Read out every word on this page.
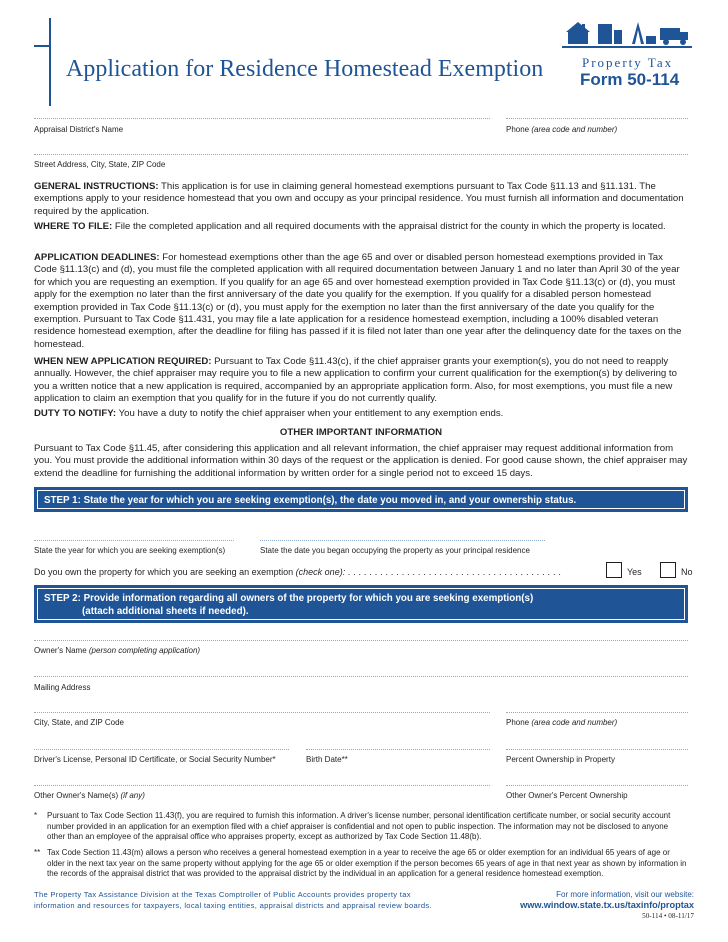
Application for Residence Homestead Exemption	Property Tax
Form 50-114
Appraisal District's Name	Phone (area code and number)
Street Address, City, State, ZIP Code
GENERAL INSTRUCTIONS: This application is for use in claiming general homestead exemptions pursuant to Tax Code §11.13 and §11.131. The exemptions apply to your residence homestead that you own and occupy as your principal residence. You must furnish all information and documentation required by the application.
WHERE TO FILE: File the completed application and all required documents with the appraisal district for the county in which the property is located.
APPLICATION DEADLINES: For homestead exemptions other than the age 65 and over or disabled person homestead exemptions provided in Tax Code §11.13(c) and (d), you must file the completed application with all required documentation between January 1 and no later than April 30 of the year for which you are requesting an exemption. If you qualify for an age 65 and over homestead exemption provided in Tax Code §11.13(c) or (d), you must apply for the exemption no later than the first anniversary of the date you qualify for the exemption. If you qualify for a disabled person homestead exemption provided in Tax Code §11.13(c) or (d), you must apply for the exemption no later than the first anniversary of the date you qualify for the exemption. Pursuant to Tax Code §11.431, you may file a late application for a residence homestead exemption, including a 100% disabled veteran residence homestead exemption, after the deadline for filing has passed if it is filed not later than one year after the delinquency date for the taxes on the homestead.
WHEN NEW APPLICATION REQUIRED: Pursuant to Tax Code §11.43(c), if the chief appraiser grants your exemption(s), you do not need to reapply annually. However, the chief appraiser may require you to file a new application to confirm your current qualification for the exemption(s) by delivering to you a written notice that a new application is required, accompanied by an appropriate application form. Also, for most exemptions, you must file a new application to claim an exemption that you qualify for in the future if you do not currently qualify.
DUTY TO NOTIFY: You have a duty to notify the chief appraiser when your entitlement to any exemption ends.
OTHER IMPORTANT INFORMATION
Pursuant to Tax Code §11.45, after considering this application and all relevant information, the chief appraiser may request additional information from you. You must provide the additional information within 30 days of the request or the application is denied. For good cause shown, the chief appraiser may extend the deadline for furnishing the additional information by written order for a single period not to exceed 15 days.
STEP 1: State the year for which you are seeking exemption(s), the date you moved in, and your ownership status.
State the year for which you are seeking exemption(s)	State the date you began occupying the property as your principal residence
Do you own the property for which you are seeking an exemption (check one): . . . . . . . . . . . . . . . . . . . . . . . . . . . . . . . . . . . . . . . .	Yes	No
STEP 2: Provide information regarding all owners of the property for which you are seeking exemption(s)
(attach additional sheets if needed).
Owner's Name (person completing application)
Mailing Address
City, State, and ZIP Code	Phone (area code and number)
Driver's License, Personal ID Certificate, or Social Security Number*	Birth Date**	Percent Ownership in Property
Other Owner's Name(s) (if any)	Other Owner's Percent Ownership
* Pursuant to Tax Code Section 11.43(f), you are required to furnish this information. A driver's license number, personal identification certificate number, or social security account number provided in an application for an exemption filed with a chief appraiser is confidential and not open to public inspection. The information may not be disclosed to anyone other than an employee of the appraisal office who appraises property, except as authorized by Tax Code Section 11.48(b).
** Tax Code Section 11.43(m) allows a person who receives a general homestead exemption in a year to receive the age 65 or older exemption for an individual 65 years of age or older in the next tax year on the same property without applying for the age 65 or older exemption if the person becomes 65 years of age in that next year as shown by information in the records of the appraisal district that was provided to the appraisal district by the individual in an application for a general residence homestead exemption.
The Property Tax Assistance Division at the Texas Comptroller of Public Accounts provides property tax
information and resources for taxpayers, local taxing entities, appraisal districts and appraisal review boards.
For more information, visit our website:
www.window.state.tx.us/taxinfo/proptax
50-114 • 08-11/17
